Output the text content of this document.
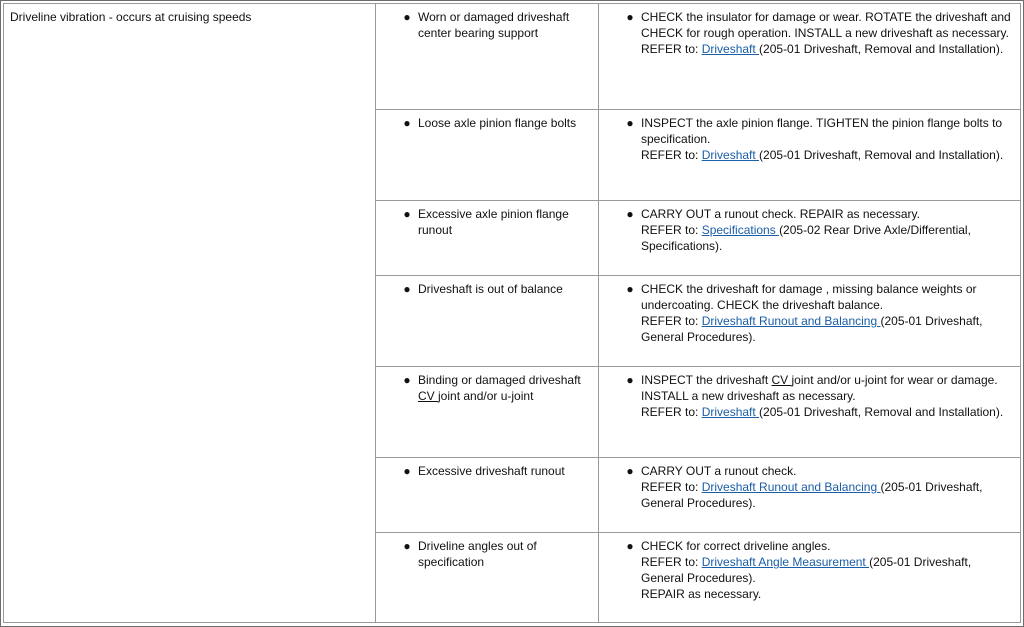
Driveline vibration - occurs at cruising speeds	● Worn or damaged driveshaft center bearing support	● CHECK the insulator for damage or wear. ROTATE the driveshaft and CHECK for rough operation. INSTALL a new driveshaft as necessary.
REFER to: Driveshaft (205-01 Driveshaft, Removal and Installation).

	● Loose axle pinion flange bolts	● INSPECT the axle pinion flange. TIGHTEN the pinion flange bolts to specification.
REFER to: Driveshaft (205-01 Driveshaft, Removal and Installation).

	● Excessive axle pinion flange runout	● CARRY OUT a runout check. REPAIR as necessary.
REFER to: Specifications (205-02 Rear Drive Axle/Differential, Specifications).

	● Driveshaft is out of balance	● CHECK the driveshaft for damage , missing balance weights or undercoating. CHECK the driveshaft balance.
REFER to: Driveshaft Runout and Balancing (205-01 Driveshaft, General Procedures).

	● Binding or damaged driveshaft CV joint and/or u-joint	● INSPECT the driveshaft CV joint and/or u-joint for wear or damage. INSTALL a new driveshaft as necessary.
REFER to: Driveshaft (205-01 Driveshaft, Removal and Installation).

	● Excessive driveshaft runout	● CARRY OUT a runout check.
REFER to: Driveshaft Runout and Balancing (205-01 Driveshaft, General Procedures).

	● Driveline angles out of specification	● CHECK for correct driveline angles.
REFER to: Driveshaft Angle Measurement (205-01 Driveshaft, General Procedures).
REPAIR as necessary.
